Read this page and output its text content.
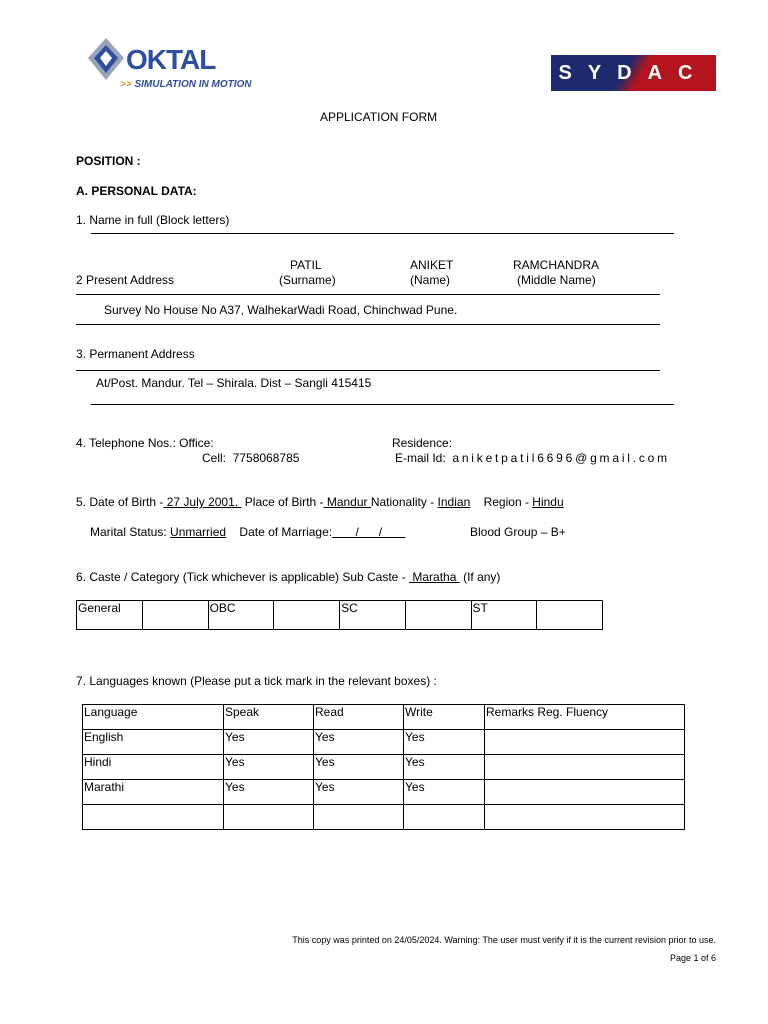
OKTAL
>> SIMULATION IN MOTION
SYDAC
APPLICATION FORM
POSITION :
A. PERSONAL DATA:
1. Name in full (Block letters)
PATIL	ANIKET	RAMCHANDRA
2 Present Address	(Surname)	(Name)	(Middle Name)
Survey No House No A37, WalhekarWadi Road, Chinchwad Pune.
3. Permanent Address
At/Post. Mandur. Tel – Shirala. Dist – Sangli 415415
4. Telephone Nos.: Office:	Residence:
Cell: 7758068785	E-mail Id: aniketpatil6696@gmail.com
5. Date of Birth - 27 July 2001.  Place of Birth - Mandur Nationality - Indian Region - Hindu
Marital Status: Unmarried Date of Marriage:       /      /	Blood Group – B+
6. Caste / Category (Tick whichever is applicable) Sub Caste -  Maratha  (If any)
General		OBC		SC		ST	
7. Languages known (Please put a tick mark in the relevant boxes) :
Language	Speak	Read	Write	Remarks Reg. Fluency
English	Yes	Yes	Yes	
Hindi	Yes	Yes	Yes	
Marathi	Yes	Yes	Yes	

This copy was printed on 24/05/2024. Warning: The user must verify if it is the current revision prior to use.
Page 1 of 6
